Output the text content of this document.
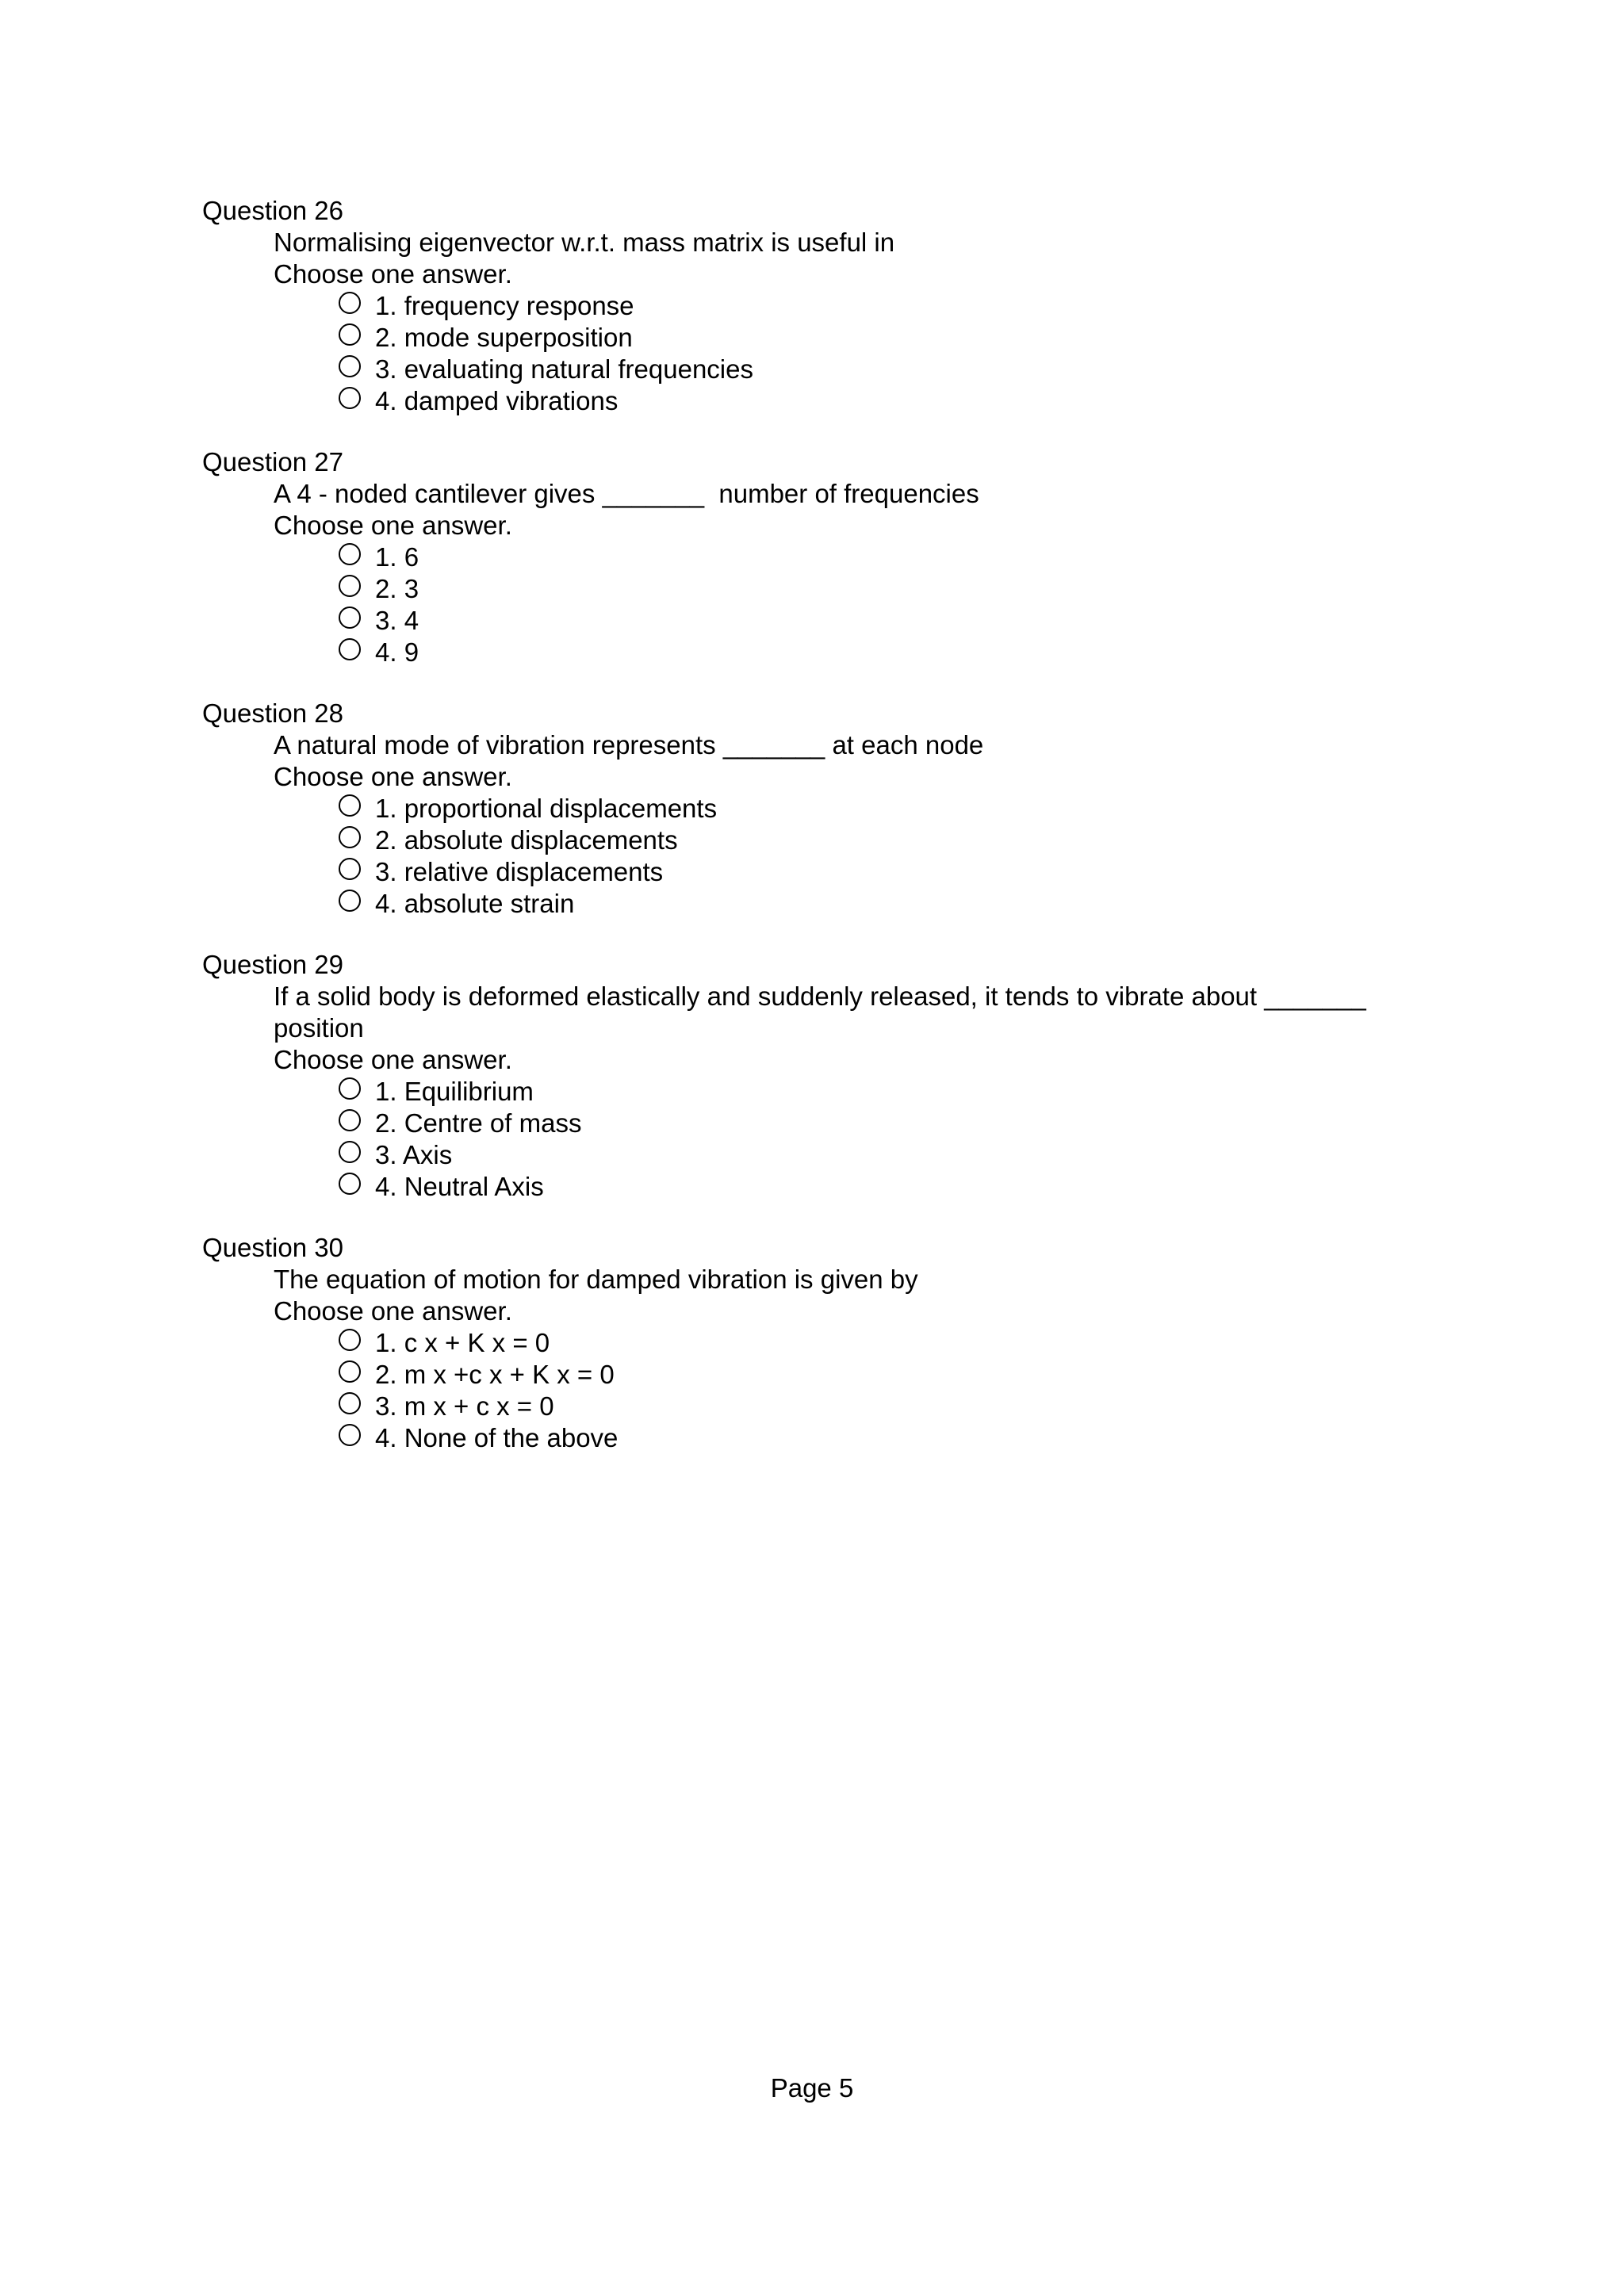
Question 26
Normalising eigenvector w.r.t. mass matrix is useful in
Choose one answer.
1. frequency response
2. mode superposition
3. evaluating natural frequencies
4. damped vibrations
Question 27
A 4 - noded cantilever gives _______  number of frequencies
Choose one answer.
1. 6
2. 3
3. 4
4. 9
Question 28
A natural mode of vibration represents _______ at each node
Choose one answer.
1. proportional displacements
2. absolute displacements
3. relative displacements
4. absolute strain
Question 29
If a solid body is deformed elastically and suddenly released, it tends to vibrate about _______ position
Choose one answer.
1. Equilibrium
2. Centre of mass
3. Axis
4. Neutral Axis
Question 30
The equation of motion for damped vibration is given by
Choose one answer.
1. c x + K x = 0
2. m x +c x + K x = 0
3. m x + c x = 0
4. None of the above
Page 5
